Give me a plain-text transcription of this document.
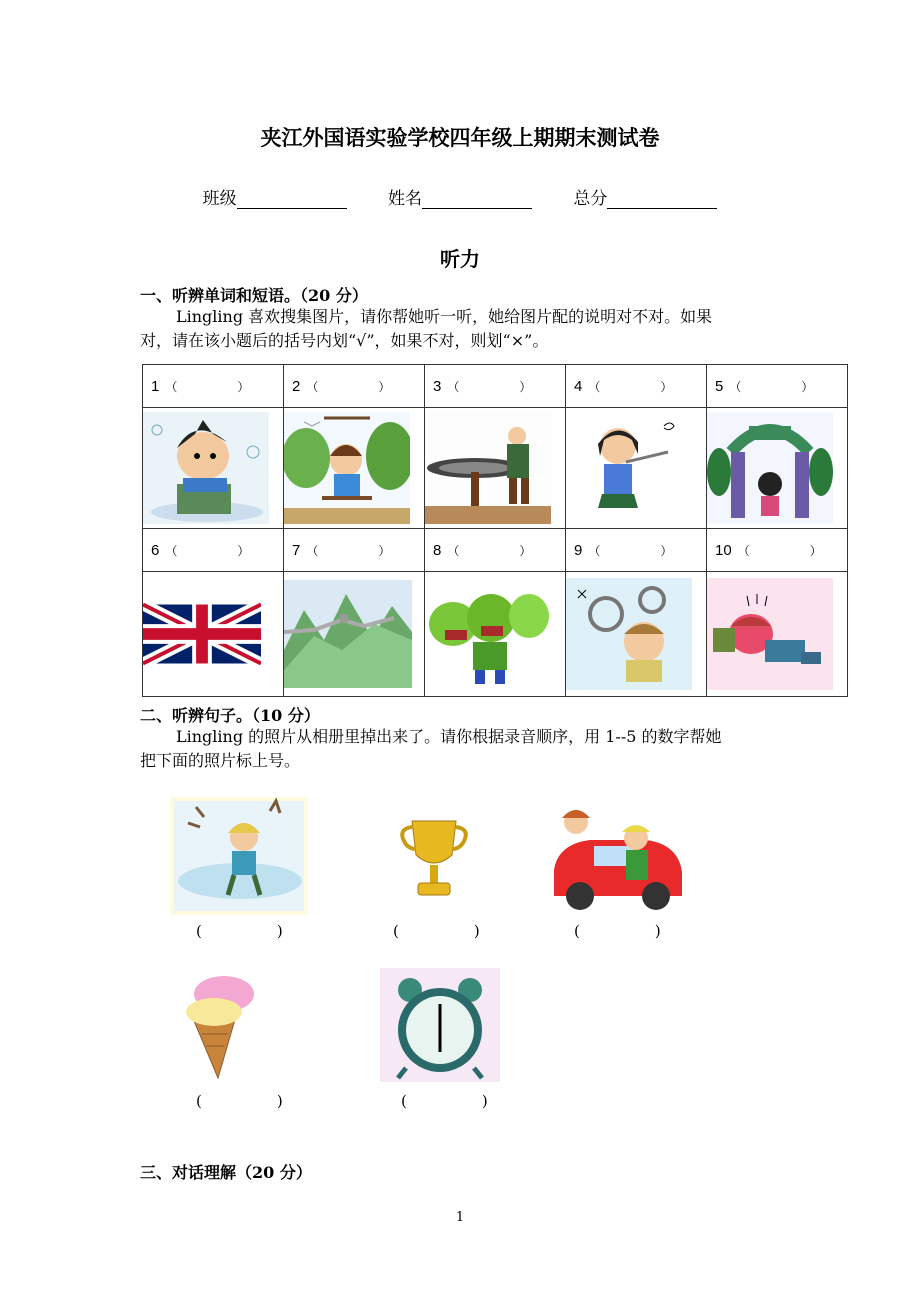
夹江外国语实验学校四年级上期期末测试卷
班级	姓名	总分
听力
一、听辨单词和短语。（20 分）
Lingling 喜欢搜集图片，请你帮她听一听，她给图片配的说明对不对。如果
对，请在该小题后的括号内划“√”，如果不对，则划“×”。
1 （　　　　　）	2 （　　　　　）	3 （　　　　　）	4 （　　　　　）	5 （　　　　　）

6 （　　　　　）	7 （　　　　　）	8 （　　　　　）	9 （　　　　　）	10 （　　　　　）

二、听辨句子。（10 分）
Lingling 的照片从相册里掉出来了。请你根据录音顺序，用 1--5 的数字帮她
把下面的照片标上号。
(　　　　　)	(　　　　　)	(　　　　　)
(　　　　　)	(　　　　　)
三、对话理解（20 分）
1
